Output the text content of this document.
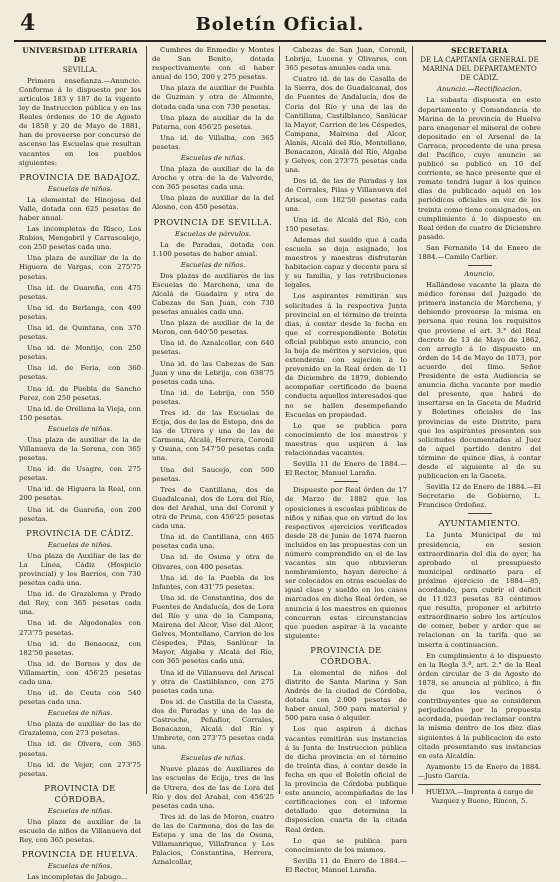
4	Boletín Oficial.
UNIVERSIDAD LITERARIA DE
SEVILLA.
Primera enseñanza.—Anuncio. Conforme á lo dispuesto por los artículos 183 y 187 de la vigente ley de Instruccion pública y en las Reales órdenes de 10 de Agosto de 1858 y 20 de Mayo de 1881, han de proveerse por concurso de ascenso las Escuelas que resultan vacantes en los pueblos siguientes:
PROVINCIA DE BADAJOZ.
Escuelas de niños.
La elemental de Hinojosa del Valle, dotada con 625 pesetas de haber anual.
Las incompletas de Risco, Los Rubios, Mengabril y Carrascalejo, con 250 pesetas cada una.
Una plaza de auxiliar de la de Higuera de Vargas, con 275'75 pesetas.
Una id. de Guareña, con 475 pesetas.
Una id. de Berlanga, con 499 pesetas.
Una id. de Quintana, con 370 pesetas.
Una id. de Montijo, con 250 pesetas.
Una id. de Feria, con 360 pesetas.
Una id. de Puebla de Sancho Perez, con 250 pesetas.
Una id. de Orellana la Vieja, con 150 pesetas.
Escuelas de niñas.
Una plaza de auxiliar de la de Villanueva de la Serena, con 365 pesetas.
Una id. de Usagre, con 275 pesetas.
Una id. de Higuera la Real, con 200 pesetas.
Una id. de Guareña, con 200 pesetas.
PROVINCIA DE CÁDIZ.
Escuelas de niños.
Una plaza de Auxiliar de las de La Línea, Cádiz (Hospicio provincial) y los Barrios, con 730 pesetas cada una.
Una id. de Grazalema y Prado del Rey, con 365 pesetas cada una.
Una id. de Algodonales con 273'75 pesetas.
Una id. de Benaocaz, con 182'50 pesetas.
Una id. de Bornos y dos de Villamartin, con 456'25 pesetas cada una.
Una id. de Ceuta con 540 pesetas cada una.
Escuelas de niñas.
Una plaza de auxiliar de las de Grazalema, con 273 pesetas.
Una id. de Olvera, con 365 pesetas.
Una id. de Vejer, con 273'75 pesetas.
PROVINCIA DE CÓRDOBA.
Escuelas de niñas.
Una plaza de auxiliar de la escuela de niños de Villanueva del Rey, con 365 pesetas.
PROVINCIA DE HUELVA.
Escuelas de niños.
Las incompletas de Jabugo...
Cumbres de Enmedio y Montes de San Benito, dotada respectivamente con el haber anual de 150, 200 y 275 pesetas.
Una plaza de auxiliar de Puebla de Guzman y otra de Almonte, dotada cada una con 730 pesetas.
Una plaza de auxiliar de la de Paterna, con 456'25 pesetas.
Una id. de Villalba, con 365 pesetas.
Escuelas de niñas.
Una plaza de auxiliar de la de Aroche y otra de la de Valverde, con 365 pesetas cada una.
Una plaza de auxiliar de la del Alosno, con 450 pesetas.
PROVINCIA DE SEVILLA.
Escuelas de párvulos.
La de Paradas, dotada con 1.100 pesetas de haber anual.
Escuelas de niños.
Dos plazas de auxiliares de las Escuelas de Marchena, una de Alcalá de Guadaira y otra de Cabezas de San Juan, con 730 pesetas anuales cada una.
Una plaza de auxiliar de la de Moron, con 640'50 pesetas.
Una id. de Aznalcollar, con 640 pesetas.
Una id. de las Cabezas de San Juan y una de Lebrija, con 638'75 pesetas cada una.
Una id. de Lebrija, con 550 pesetas.
Tres id. de las Escuelas de Ecija, dos de las de Estepa, dos de las de Utrera y una de las de Carmona, Alcalá, Herrera, Coronil y Osuna, con 547'50 pesetas cada una.
Una del Saucejo, con 500 pesetas.
Tres de Cantillana, dos de Guadalcanal, dos de Lora del Río, dos del Arahal, una del Coronil y otra de Pruna, con 456'25 pesetas cada una.
Una id. de Cantillana, con 465 pesetas cada una.
Una id. de Osuna y otra de Olivares, con 400 pesetas.
Una id. de la Puebla de los Infantes, con 431'75 pesetas.
Una id. de Constantina, dos de Fuentes de Andalucía, dos de Lora del Río y una de la Campana, Mairena del Alcor, Viso del Alcor, Gelves, Montellano, Carrion de los Céspedes, Pilas, Sanlúcar la Mayor, Algaba y Alcalá del Río, con 365 pesetas cada una.
Una id de Villanueva del Ariscal y otra de Castilblanco, con 275 pesetas cada una.
Dos id. de Castilla de la Cuesta, dos de Paradas y una de las de Castroche, Peñaflor, Corrales, Benacazon, Alcalá del Río y Umbrete, con 273'75 pesetas cada una.
Escuelas de niñas.
Nueve plazas de Auxiliares de las escuelas de Ecija, tres de las de Utrera, dos de las de Lora del Río y dos del Arahal, con 456'25 pesetas cada una.
Tres id. de las de Moron, cuatro de las de Carmona, dos de las de Estepa y una de las de Osuna, Villamanrique, Villafranca y Los Palacios, Constantina, Herrera, Aznalcollar,
Cabezas de San Juan, Coronil, Lebrija, Lucena y Olivares, con 365 pesetas anuales cada una.
Cuatro id. de las de Casalla de la Sierra, dos de Guadalcanal, dos de Fuentes de Andalucía, dos de Coria del Río y una de las de Cantillana, Castilblanco, Sanlúcar la Mayor, Carrion de los Céspedes, Campana, Mairena del Alcor, Alanís, Alcalá del Río, Montellano, Benacazon, Alcalá del Río, Algaba y Gelves, con 273'75 pesetas cada una.
Dos id. de las de Paradas y las de Corrales, Pilas y Villanueva del Ariscal, con 182'50 pesetas cada una.
Una id. de Alcalá del Río, con 150 pesetas.
Ademas del sueldo que á cada escuela se deja asignado, los maestros y maestras disfrutarán habitacion capaz y decente para sí y su familia, y las retribuciones legales.
Los aspirantes remitirán sus solicitudes á la respectiva Junta provincial en el término de treinta dias, á contar desde la fecha en que el correspondiente Boletín oficial publique este anuncio, con la hoja de méritos y servicios, que extenderán con sujecion á lo prevenido en la Real órden de 11 de Diciembre de 1879, debiendo acompañar certificado de buena conducta aquellos interesados que no se hallen desempeñando Escuelas en propiedad.
Lo que se publica para conocimiento de los maestros y maestras que aspiren á las relacionadas vacantes.
Sevilla 11 de Enero de 1884.—El Rector, Manuel Laraña.
Dispuesto por Real órden de 17 de Marzo de 1882 que las oposiciones á escuelas públicas de niños y niñas que en virtud de los respectivos ejercicios verificados desde 28 de Junio de 1874 fueron incluidos en las propuestas con un número comprendido en el de las vacantes sin que obtuvieran nombramiento, hayan derecho á ser colocados en otras escuelas de igual clase y sueldo en los casos marcados en dicha Real órden, se anuncia á los maestros en quienes concurran estas circunstancias que pueden aspirar á la vacante siguiente:
PROVINCIA DE CÓRDOBA.
La elemental de niños del distrito de Santa Marina y San Andrés de la ciudad de Córdoba, dotada con 2.000 pesetas de haber anual, 500 para material y 500 para casa ó alquiler.
Los que aspiren á dichas vacantes remitirán sus instancias á la Junta de Instruccion pública de dicha provincia en el término de treinta dias, á contar desde la fecha en que el Boletín oficial de la provincia de Córdoba publique este anuncio, acompañadas de las certificaciones con el informe detallado que determina la disposicion cuarta de la citada Real órden.
Lo que se publica para conocimiento de los mismos.
Sevilla 11 de Enero de 1884.—El Rector, Manuel Laraña.
SECRETARIA
DE LA CAPITANÍA GENERAL DE MARINA DEL DEPARTAMENTO DE CÁDIZ.
Anuncio.—Rectificacion.
La subasta dispuesta en este departamento y Comandancia de Marina de la provincia de Huelva para enagenar el mineral de cobre depositado en el Arsenal de la Carraca, procedente de una presa del Pacífico, cuyo anuncio se publicó se publicó en 10 del corriente, se hace presente que el remate tendrá lugar á los quince dias de publicado aquél en los periódicos oficiales en vez de los treinta como tiene consignados, en cumplimiento á lo dispuesto en Real órden de cuatro de Diciembre pasado.
San Fernando 14 de Enero de 1884.—Camilo Carlier.
Anuncio.
Hallándose vacante la plaza de médico forense del Juzgado de primera instancia de Marchena, y debiendo proveerse la misma en persona que reuna los requisitos que previene el art. 3.° del Real decreto de 13 de Mayo de 1862, con arreglo á lo dispuesto en órden de 14 de Mayo de 1873, por acuerdo del Ilmo. Señor Presidente de esta Audiencia se anuncia dicha vacante por medio del presente, que habrá de insertarse en la Gaceta de Madrid y Boletines oficiales de las provincias de este Distrito, para que los aspirantes presenten sus solicitudes documentadas al Juez de aquel partido dentro del término de quince dias, á contar desde el siguiente al de su publicacion en la Gaceta.
Sevilla 12 de Enero de 1884.—El Secretario de Gobierno, L. Francisco Ordoñez.
AYUNTAMIENTO.
La Junta Municipal de mi presidencia, en sesion extraordinaria del dia de ayer, ha aprobado el presupuesto municipal ordinario para el próximo ejercicio de 1884—85, acordando, para cubrir el déficit de 11.023 pesetas 83 céntimos que resulta, proponer el arbitrio extraordinario sobre los artículos de comer, beber y arder que se relacionan en la tarifa que se inserta á continuacion.
En cumplimiento á lo dispuesto en la Regla 3.ª, art. 2.° de la Real órden circular de 3 de Agosto de 1878, se anuncia al público, á fin de que los vecinos ó contribuyentes que se consideren perjudicados por la propuesta acordada, puedan reclamar contra la misma dentro de los diez dias siguientes á la publicacion de este citado presentando sus instancias en esta Alcaldía.
Ayamonte 15 de Enero de 1884.—Justo García.
HUELVA.—Imprenta á cargo de Vazquez y Bueno, Rincon, 5.
